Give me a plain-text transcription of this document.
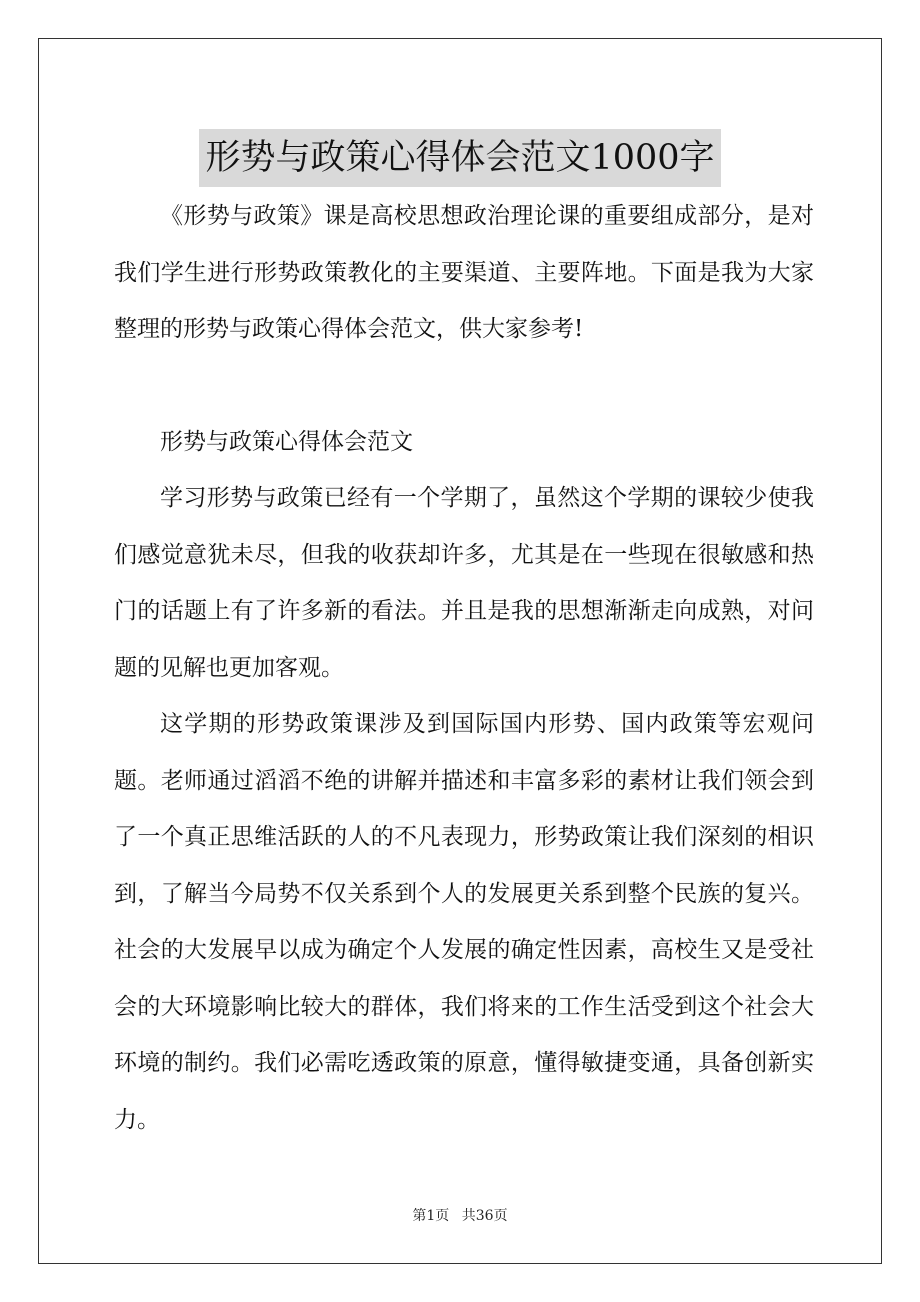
形势与政策心得体会范文1000字

《形势与政策》课是高校思想政治理论课的重要组成部分，是对我们学生进行形势政策教化的主要渠道、主要阵地。下面是我为大家整理的形势与政策心得体会范文，供大家参考!

形势与政策心得体会范文

学习形势与政策已经有一个学期了，虽然这个学期的课较少使我们感觉意犹未尽，但我的收获却许多，尤其是在一些现在很敏感和热门的话题上有了许多新的看法。并且是我的思想渐渐走向成熟，对问题的见解也更加客观。

这学期的形势政策课涉及到国际国内形势、国内政策等宏观问题。老师通过滔滔不绝的讲解并描述和丰富多彩的素材让我们领会到了一个真正思维活跃的人的不凡表现力，形势政策让我们深刻的相识到，了解当今局势不仅关系到个人的发展更关系到整个民族的复兴。社会的大发展早以成为确定个人发展的确定性因素，高校生又是受社会的大环境影响比较大的群体，我们将来的工作生活受到这个社会大环境的制约。我们必需吃透政策的原意，懂得敏捷变通，具备创新实力。

第1页 共36页
